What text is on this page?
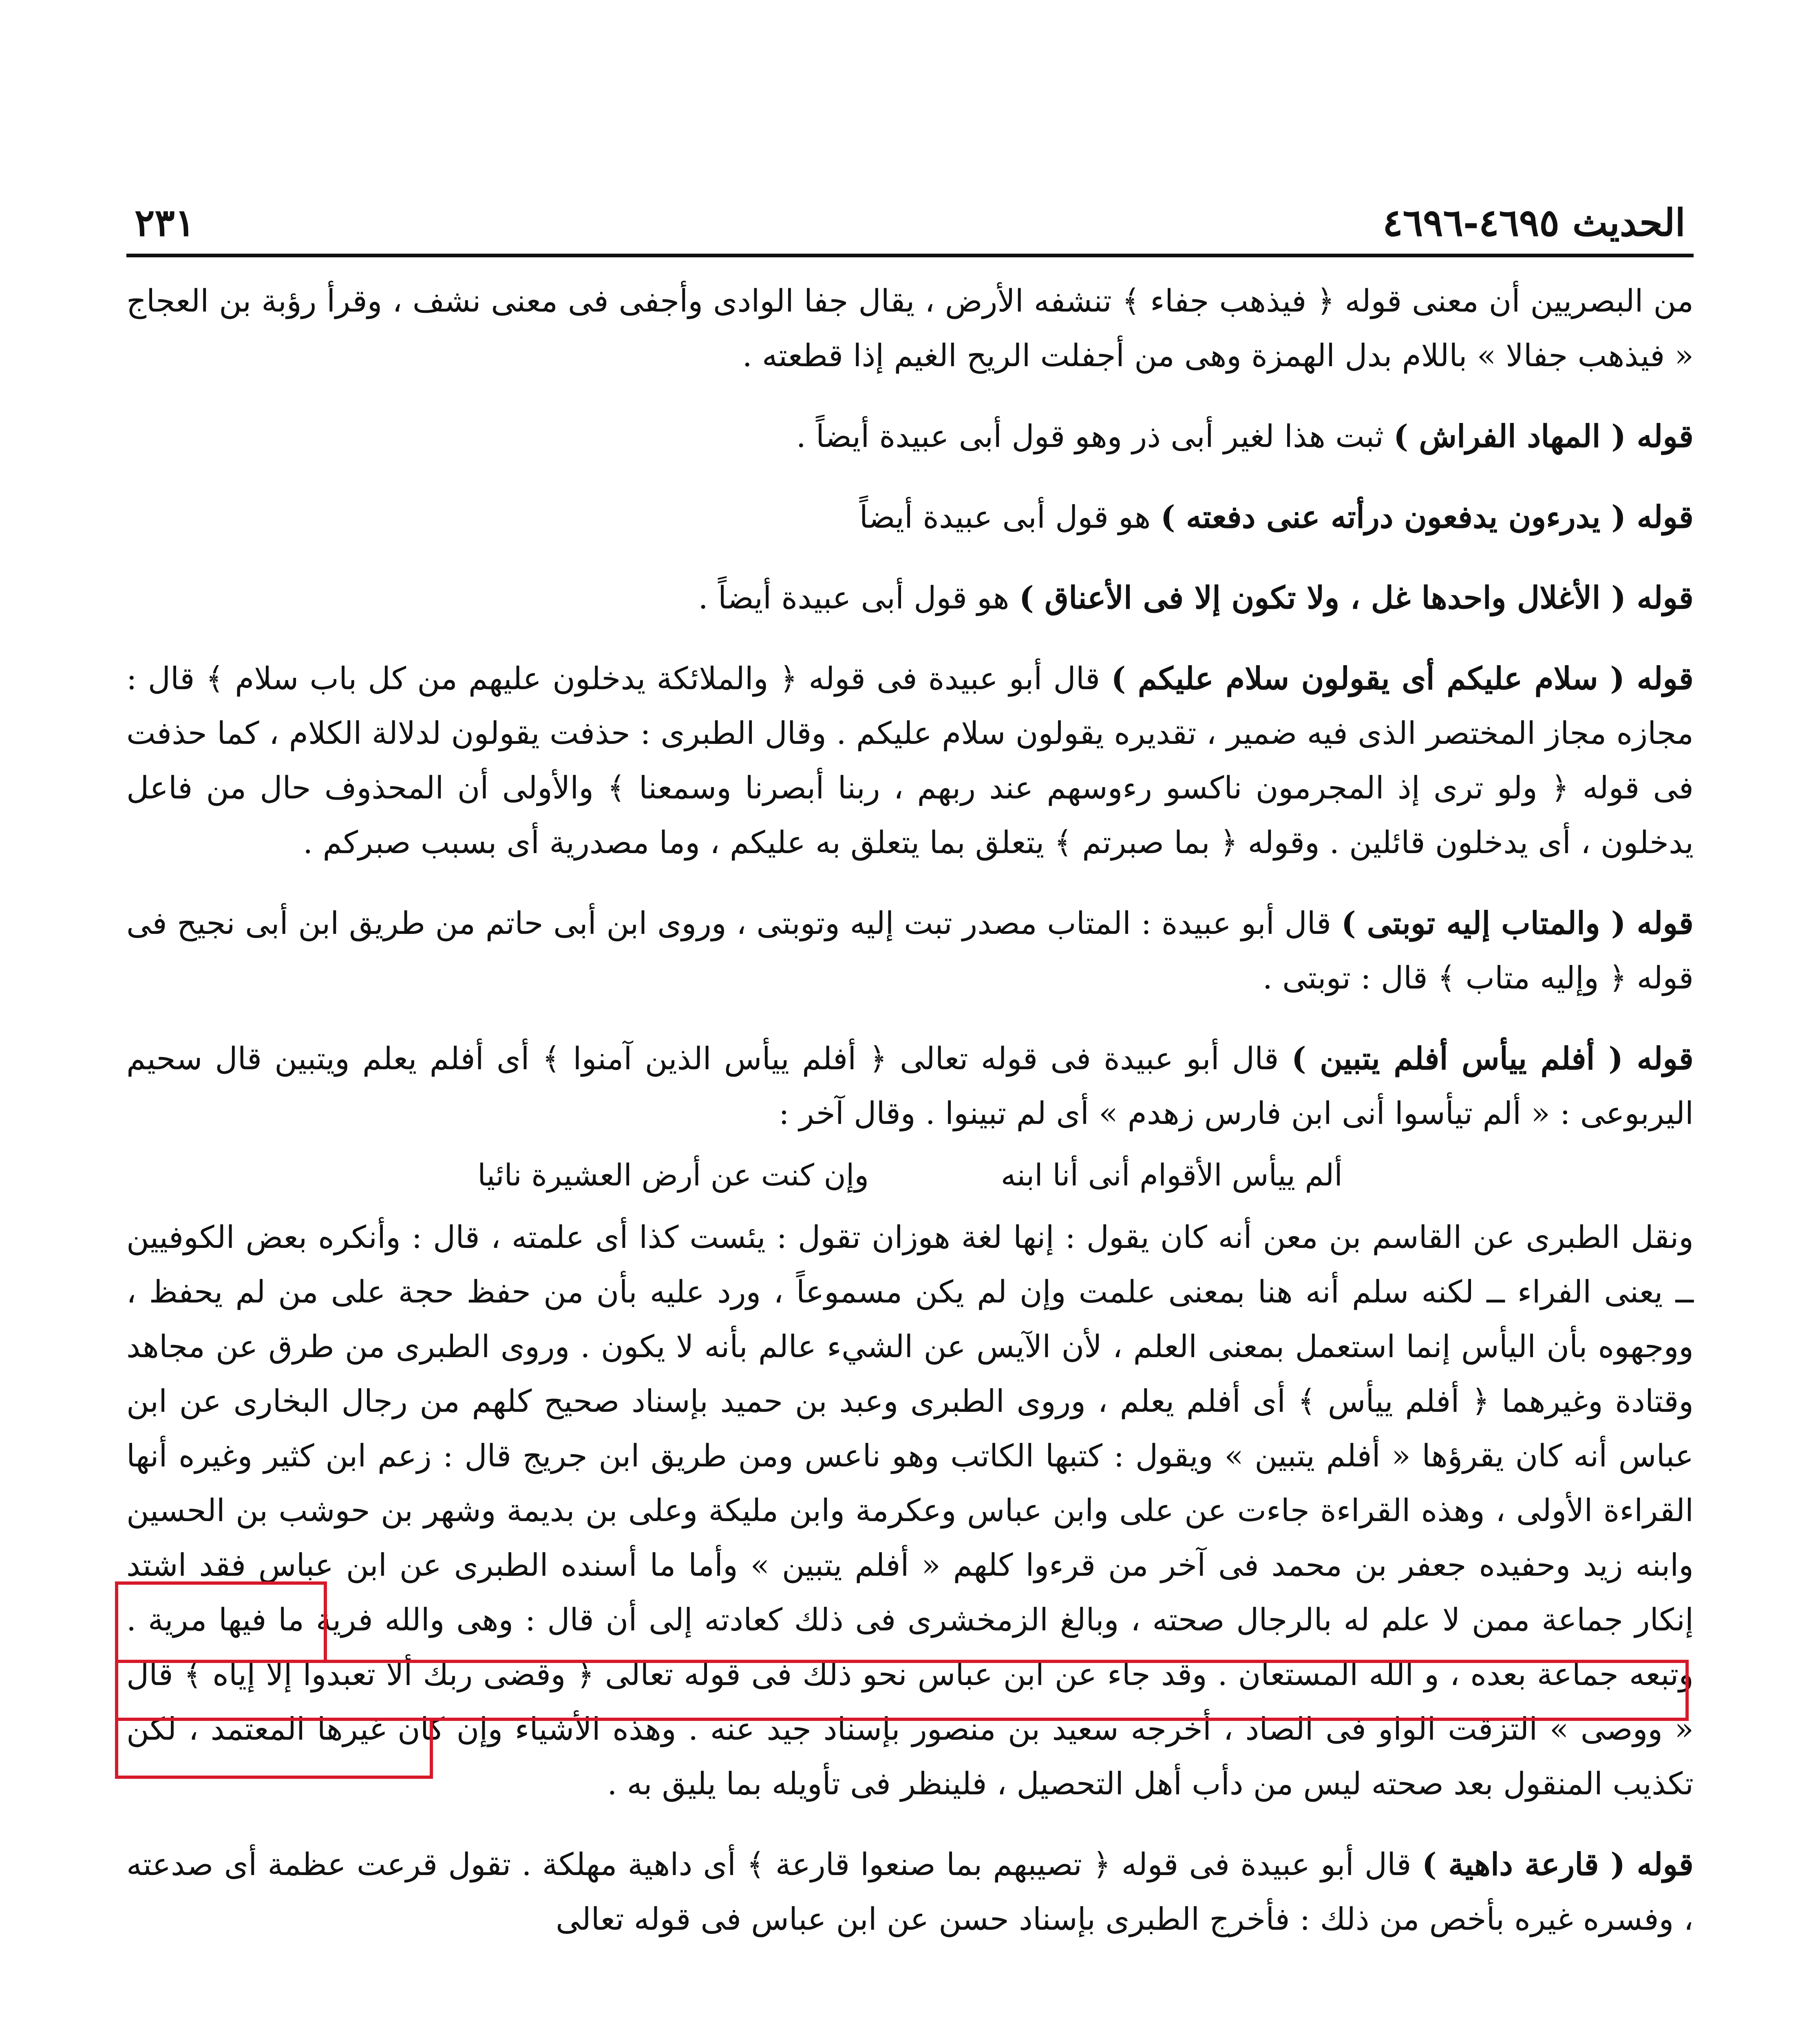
الحديث ٤٦٩٥-٤٦٩٦
٢٣١

من البصريين أن معنى قوله ﴿ فيذهب جفاء ﴾ تنشفه الأرض ، يقال جفا الوادى وأجفى فى معنى نشف ، وقرأ رؤبة بن العجاج « فيذهب جفالا » باللام بدل الهمزة وهى من أجفلت الريح الغيم إذا قطعته .

قوله ( المهاد الفراش ) ثبت هذا لغير أبى ذر وهو قول أبى عبيدة أيضاً .

قوله ( يدرءون يدفعون درأته عنى دفعته ) هو قول أبى عبيدة أيضاً

قوله ( الأغلال واحدها غل ، ولا تكون إلا فى الأعناق ) هو قول أبى عبيدة أيضاً .

قوله ( سلام عليكم أى يقولون سلام عليكم ) قال أبو عبيدة فى قوله ﴿ والملائكة يدخلون عليهم من كل باب سلام ﴾ قال : مجازه مجاز المختصر الذى فيه ضمير ، تقديره يقولون سلام عليكم . وقال الطبرى : حذفت يقولون لدلالة الكلام ، كما حذفت فى قوله ﴿ ولو ترى إذ المجرمون ناكسو رءوسهم عند ربهم ، ربنا أبصرنا وسمعنا ﴾ والأولى أن المحذوف حال من فاعل يدخلون ، أى يدخلون قائلين . وقوله ﴿ بما صبرتم ﴾ يتعلق بما يتعلق به عليكم ، وما مصدرية أى بسبب صبركم .

قوله ( والمتاب إليه توبتى ) قال أبو عبيدة : المتاب مصدر تبت إليه وتوبتى ، وروى ابن أبى حاتم من طريق ابن أبى نجيح فى قوله ﴿ وإليه متاب ﴾ قال : توبتى .

قوله ( أفلم ييأس أفلم يتبين ) قال أبو عبيدة فى قوله تعالى ﴿ أفلم ييأس الذين آمنوا ﴾ أى أفلم يعلم ويتبين قال سحيم اليربوعى : « ألم تيأسوا أنى ابن فارس زهدم » أى لم تبينوا . وقال آخر :

ألم ييأس الأقوام أنى أنا ابنه وإن كنت عن أرض العشيرة نائيا

ونقل الطبرى عن القاسم بن معن أنه كان يقول : إنها لغة هوزان تقول : يئست كذا أى علمته ، قال : وأنكره بعض الكوفيين ــ يعنى الفراء ــ لكنه سلم أنه هنا بمعنى علمت وإن لم يكن مسموعاً ، ورد عليه بأن من حفظ حجة على من لم يحفظ ، ووجهوه بأن اليأس إنما استعمل بمعنى العلم ، لأن الآيس عن الشيء عالم بأنه لا يكون . وروى الطبرى من طرق عن مجاهد وقتادة وغيرهما ﴿ أفلم ييأس ﴾ أى أفلم يعلم ، وروى الطبرى وعبد بن حميد بإسناد صحيح كلهم من رجال البخارى عن ابن عباس أنه كان يقرؤها « أفلم يتبين » ويقول : كتبها الكاتب وهو ناعس ومن طريق ابن جريج قال : زعم ابن كثير وغيره أنها القراءة الأولى ، وهذه القراءة جاءت عن على وابن عباس وعكرمة وابن مليكة وعلى بن بديمة وشهر بن حوشب بن الحسين وابنه زيد وحفيده جعفر بن محمد فى آخر من قرءوا كلهم « أفلم يتبين » وأما ما أسنده الطبرى عن ابن عباس فقد اشتد إنكار جماعة ممن لا علم له بالرجال صحته ، وبالغ الزمخشرى فى ذلك كعادته إلى أن قال : وهى والله فرية ما فيها مرية . وتبعه جماعة بعده ، و الله المستعان . وقد جاء عن ابن عباس نحو ذلك فى قوله تعالى ﴿ وقضى ربك ألا تعبدوا إلا إياه ﴾ قال « ووصى » التزقت الواو فى الصاد ، أخرجه سعيد بن منصور بإسناد جيد عنه . وهذه الأشياء وإن كان غيرها المعتمد ، لكن تكذيب المنقول بعد صحته ليس من دأب أهل التحصيل ، فلينظر فى تأويله بما يليق به .

قوله ( قارعة داهية ) قال أبو عبيدة فى قوله ﴿ تصيبهم بما صنعوا قارعة ﴾ أى داهية مهلكة . تقول قرعت عظمة أى صدعته ، وفسره غيره بأخص من ذلك : فأخرج الطبرى بإسناد حسن عن ابن عباس فى قوله تعالى
